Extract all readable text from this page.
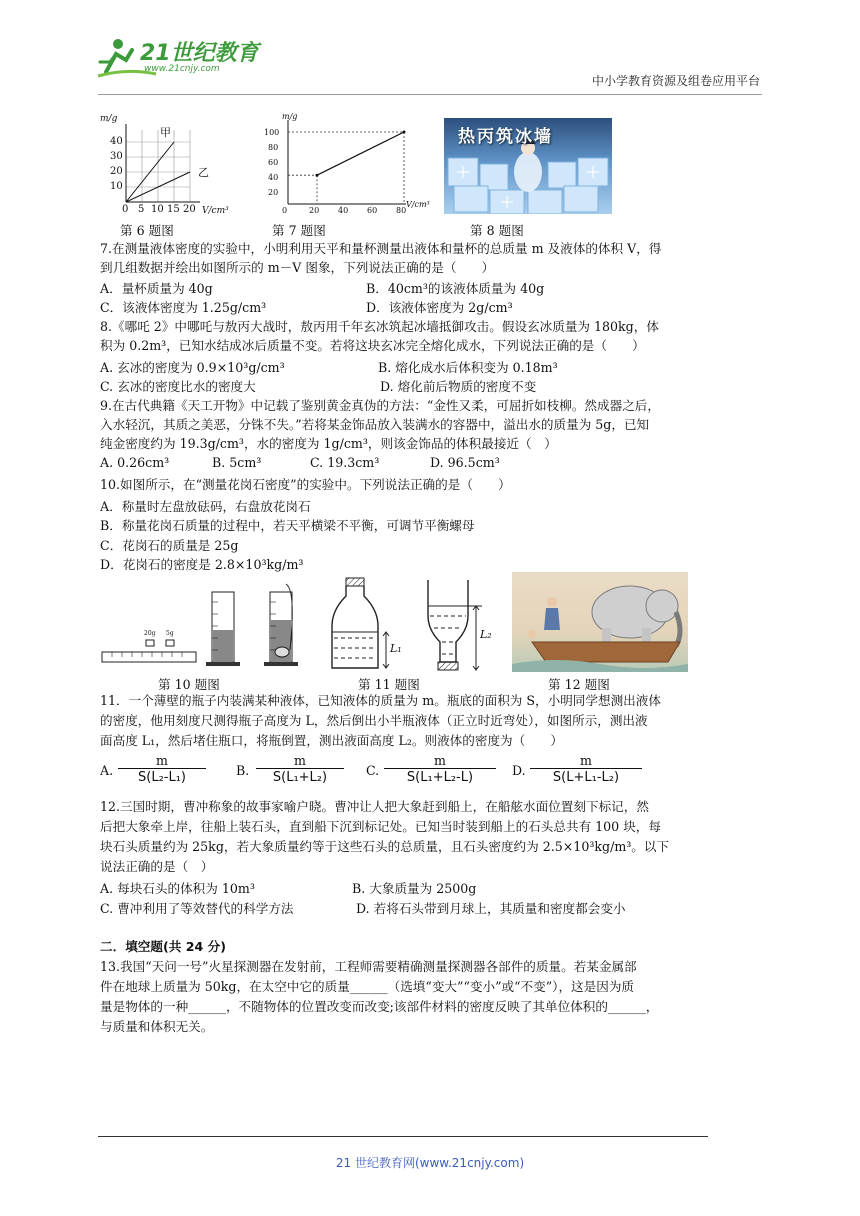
21世纪教育
www.21cnjy.com
中小学教育资源及组卷应用平台
m/g
40
30
20
10
0 5 10 15 20 V/cm³
甲
乙
第 6 题图
m/g
100
80
60
40
20
0	20 40 60 80
V/cm³
第 7 题图
热丙筑冰墙
第 8 题图
7.在测量液体密度的实验中，小明利用天平和量杯测量出液体和量杯的总质量 m 及液体的体积 V，得
到几组数据并绘出如图所示的 m－V 图象，下列说法正确的是（　　）
A．量杯质量为 40g	B．40cm³的该液体质量为 40g
C．该液体密度为 1.25g/cm³	D．该液体密度为 2g/cm³
8.《哪吒 2》中哪吒与敖丙大战时，敖丙用千年玄冰筑起冰墙抵御攻击。假设玄冰质量为 180kg，体
积为 0.2m³，已知水结成冰后质量不变。若将这块玄冰完全熔化成水，下列说法正确的是（　　）
A. 玄冰的密度为 0.9×10³g/cm³	B. 熔化成水后体积变为 0.18m³
C. 玄冰的密度比水的密度大	D. 熔化前后物质的密度不变
9.在古代典籍《天工开物》中记载了鉴别黄金真伪的方法：“金性又柔，可屈折如枝柳。然成器之后，
入水轻沉，其质之美恶，分铢不失。”若将某金饰品放入装满水的容器中，溢出水的质量为 5g，已知
纯金密度约为 19.3g/cm³，水的密度为 1g/cm³，则该金饰品的体积最接近（　）
A. 0.26cm³	B. 5cm³	C. 19.3cm³	D. 96.5cm³
10.如图所示，在“测量花岗石密度”的实验中。下列说法正确的是（　　）
A．称量时左盘放砝码，右盘放花岗石
B．称量花岗石质量的过程中，若天平横梁不平衡，可调节平衡螺母
C．花岗石的质量是 25g
D．花岗石的密度是 2.8×10³kg/m³
20g 5g
第 10 题图
L₁
L₂
第 11 题图	第 12 题图
11．一个薄壁的瓶子内装满某种液体，已知液体的质量为 m。瓶底的面积为 S，小明同学想测出液体
的密度，他用刻度尺测得瓶子高度为 L，然后倒出小半瓶液体（正立时近弯处），如图所示，测出液
面高度 L₁，然后堵住瓶口，将瓶倒置，测出液面高度 L₂。则液体的密度为（　　）
A. $\frac{m}{\text{S(L₂-L₁)}} B$. $\frac{m}{\text{S(L₁+L₂)}} C$. $\frac{m}{\text{S(L₁+L₂-L)}} D$. $\frac{m}{\text{S(L+L₁-L₂)}}$
12.三国时期，曹冲称象的故事家喻户晓。曹冲让人把大象赶到船上，在船舷水面位置刻下标记，然
后把大象牵上岸，往船上装石头，直到船下沉到标记处。已知当时装到船上的石头总共有 100 块，每
块石头质量约为 25kg，若大象质量约等于这些石头的总质量，且石头密度约为 2.5×10³kg/m³。以下
说法正确的是（　）
A. 每块石头的体积为 10m³	B. 大象质量为 2500g
C. 曹冲利用了等效替代的科学方法	D. 若将石头带到月球上，其质量和密度都会变小
二．填空题(共 24 分)
13.我国“天问一号”火星探测器在发射前，工程师需要精确测量探测器各部件的质量。若某金属部
件在地球上质量为 50kg，在太空中它的质量______（选填“变大”“变小”或“不变”），这是因为质
量是物体的一种______，不随物体的位置改变而改变;该部件材料的密度反映了其单位体积的______，
与质量和体积无关。
21 世纪教育网(www.21cnjy.com)
